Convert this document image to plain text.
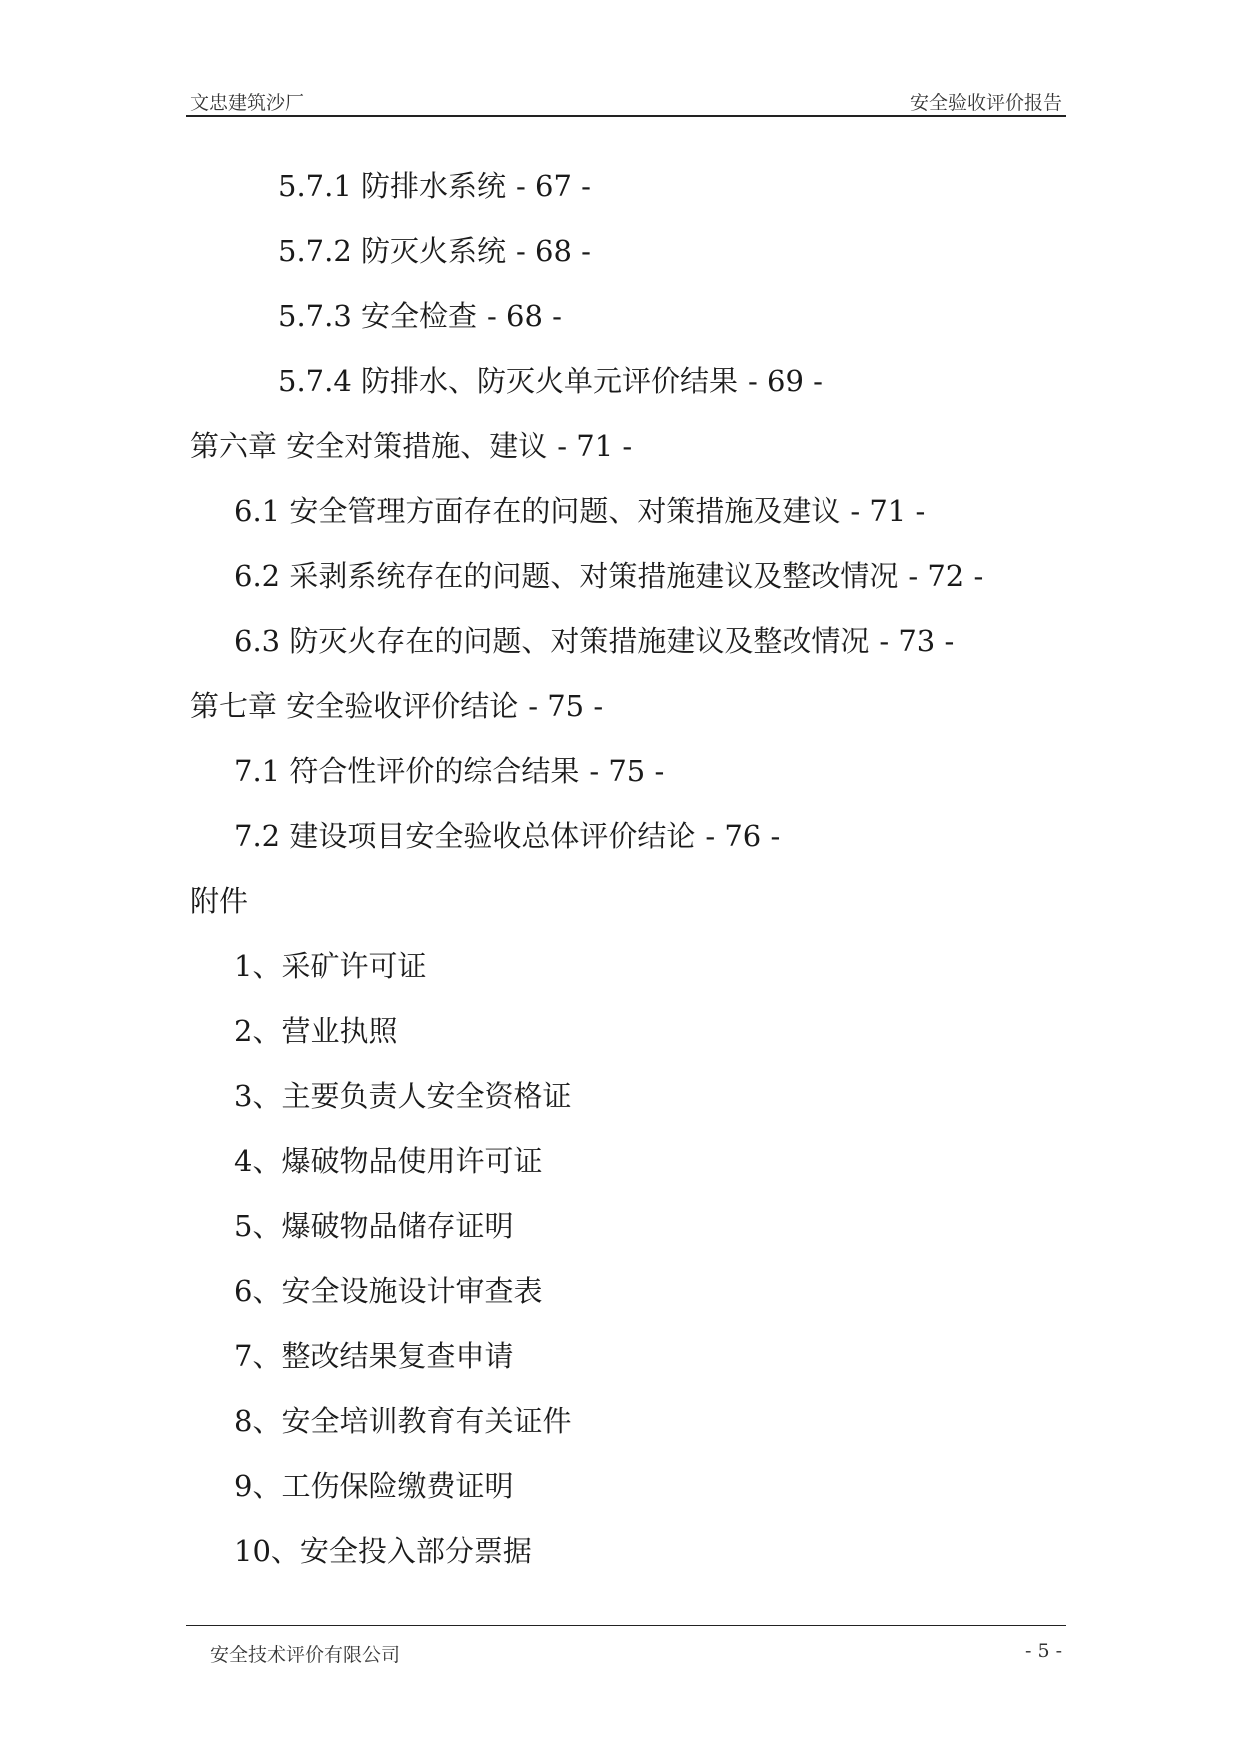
文忠建筑沙厂	安全验收评价报告
5.7.1 防排水系统 - 67 -
5.7.2 防灭火系统 - 68 -
5.7.3 安全检查 - 68 -
5.7.4 防排水、防灭火单元评价结果 - 69 -
第六章 安全对策措施、建议 - 71 -
6.1 安全管理方面存在的问题、对策措施及建议 - 71 -
6.2 采剥系统存在的问题、对策措施建议及整改情况 - 72 -
6.3 防灭火存在的问题、对策措施建议及整改情况 - 73 -
第七章 安全验收评价结论 - 75 -
7.1 符合性评价的综合结果 - 75 -
7.2 建设项目安全验收总体评价结论 - 76 -
附件
1、采矿许可证
2、营业执照
3、主要负责人安全资格证
4、爆破物品使用许可证
5、爆破物品储存证明
6、安全设施设计审查表
7、整改结果复查申请
8、安全培训教育有关证件
9、工伤保险缴费证明
10、安全投入部分票据
安全技术评价有限公司	- 5 -
